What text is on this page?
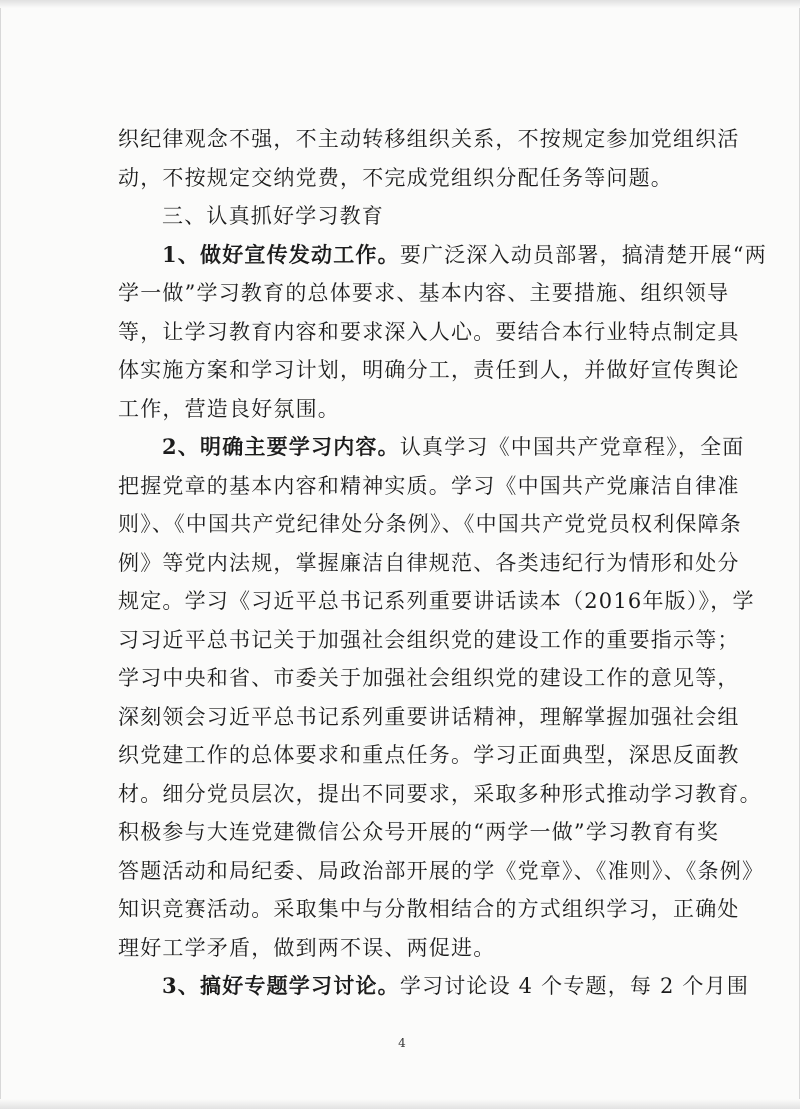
织纪律观念不强，不主动转移组织关系，不按规定参加党组织活
动，不按规定交纳党费，不完成党组织分配任务等问题。
三、认真抓好学习教育
1、做好宣传发动工作。要广泛深入动员部署，搞清楚开展“两
学一做”学习教育的总体要求、基本内容、主要措施、组织领导
等，让学习教育内容和要求深入人心。要结合本行业特点制定具
体实施方案和学习计划，明确分工，责任到人，并做好宣传舆论
工作，营造良好氛围。
2、明确主要学习内容。认真学习《中国共产党章程》，全面
把握党章的基本内容和精神实质。学习《中国共产党廉洁自律准
则》、《中国共产党纪律处分条例》、《中国共产党党员权利保障条
例》等党内法规，掌握廉洁自律规范、各类违纪行为情形和处分
规定。学习《习近平总书记系列重要讲话读本（2016年版）》，学
习习近平总书记关于加强社会组织党的建设工作的重要指示等；
学习中央和省、市委关于加强社会组织党的建设工作的意见等，
深刻领会习近平总书记系列重要讲话精神，理解掌握加强社会组
织党建工作的总体要求和重点任务。学习正面典型，深思反面教
材。细分党员层次，提出不同要求，采取多种形式推动学习教育。
积极参与大连党建微信公众号开展的“两学一做”学习教育有奖
答题活动和局纪委、局政治部开展的学《党章》、《准则》、《条例》
知识竞赛活动。采取集中与分散相结合的方式组织学习，正确处
理好工学矛盾，做到两不误、两促进。
3、搞好专题学习讨论。学习讨论设 4 个专题，每 2 个月围
4
